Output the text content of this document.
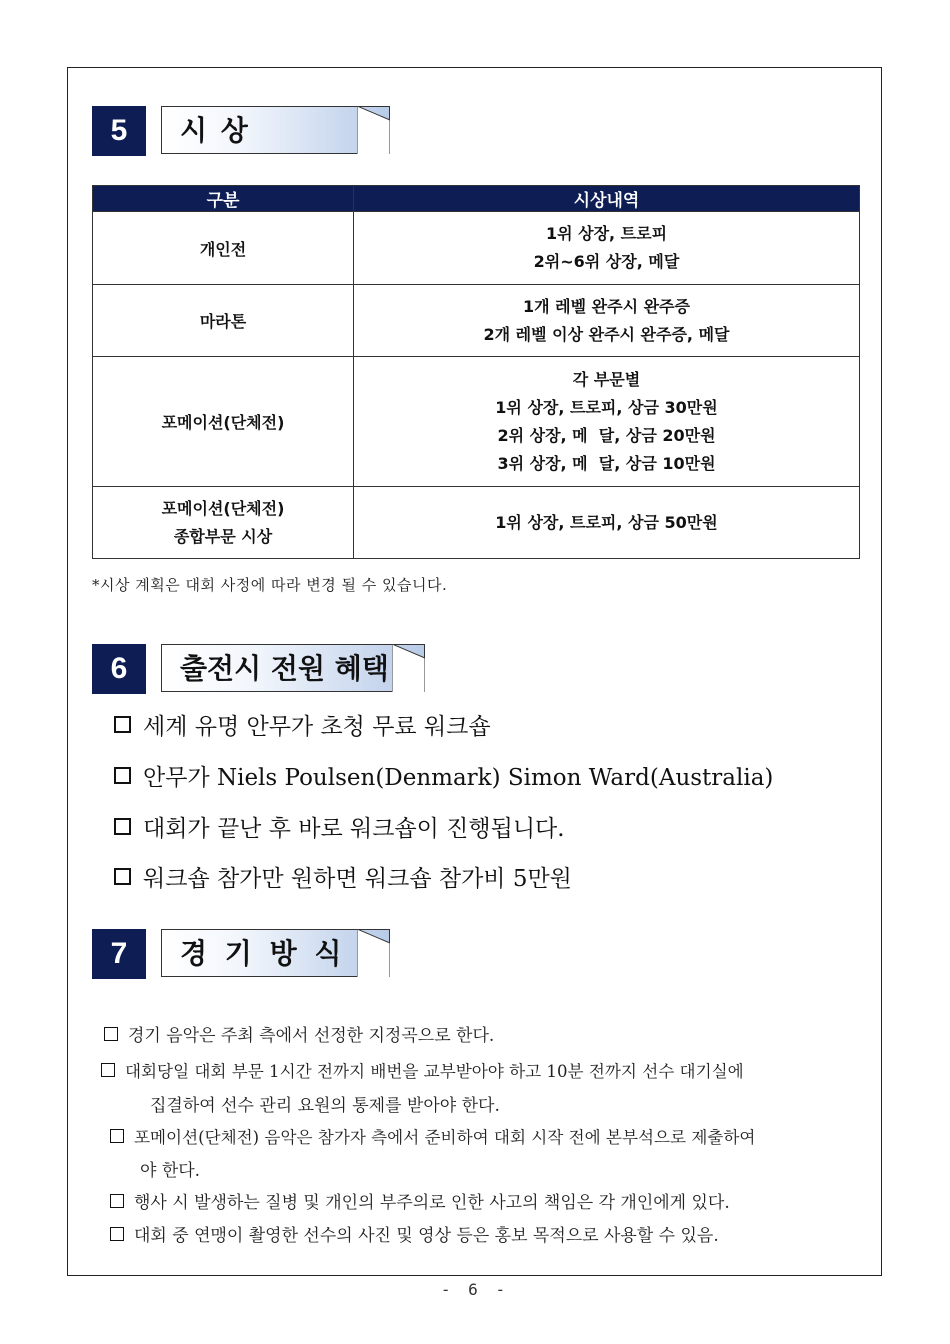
5	시 상
구분	시상내역
개인전	1위 상장, 트로피
2위~6위 상장, 메달

마라톤	1개 레벨 완주시 완주증
2개 레벨 이상 완주시 완주증, 메달

포메이션(단체전)	각 부문별
1위 상장, 트로피, 상금 30만원
2위 상장, 메  달, 상금 20만원
3위 상장, 메  달, 상금 10만원

포메이션(단체전)
종합부문 시상	1위 상장, 트로피, 상금 50만원
*시상 계획은 대회 사정에 따라 변경 될 수 있습니다.
6	출전시 전원 혜택
세계 유명 안무가 초청 무료 워크숍
안무가 Niels Poulsen(Denmark) Simon Ward(Australia)
대회가 끝난 후 바로 워크숍이 진행됩니다.
워크숍 참가만 원하면 워크숍 참가비 5만원
7	경 기 방 식
경기 음악은 주최 측에서 선정한 지정곡으로 한다.
대회당일 대회 부문 1시간 전까지 배번을 교부받아야 하고 10분 전까지 선수 대기실에
집결하여 선수 관리 요원의 통제를 받아야 한다.
포메이션(단체전) 음악은 참가자 측에서 준비하여 대회 시작 전에 본부석으로 제출하여
야 한다.
행사 시 발생하는 질병 및 개인의 부주의로 인한 사고의 책임은 각 개인에게 있다.
대회 중 연맹이 촬영한 선수의 사진 및 영상 등은 홍보 목적으로 사용할 수 있음.
- 6 -
